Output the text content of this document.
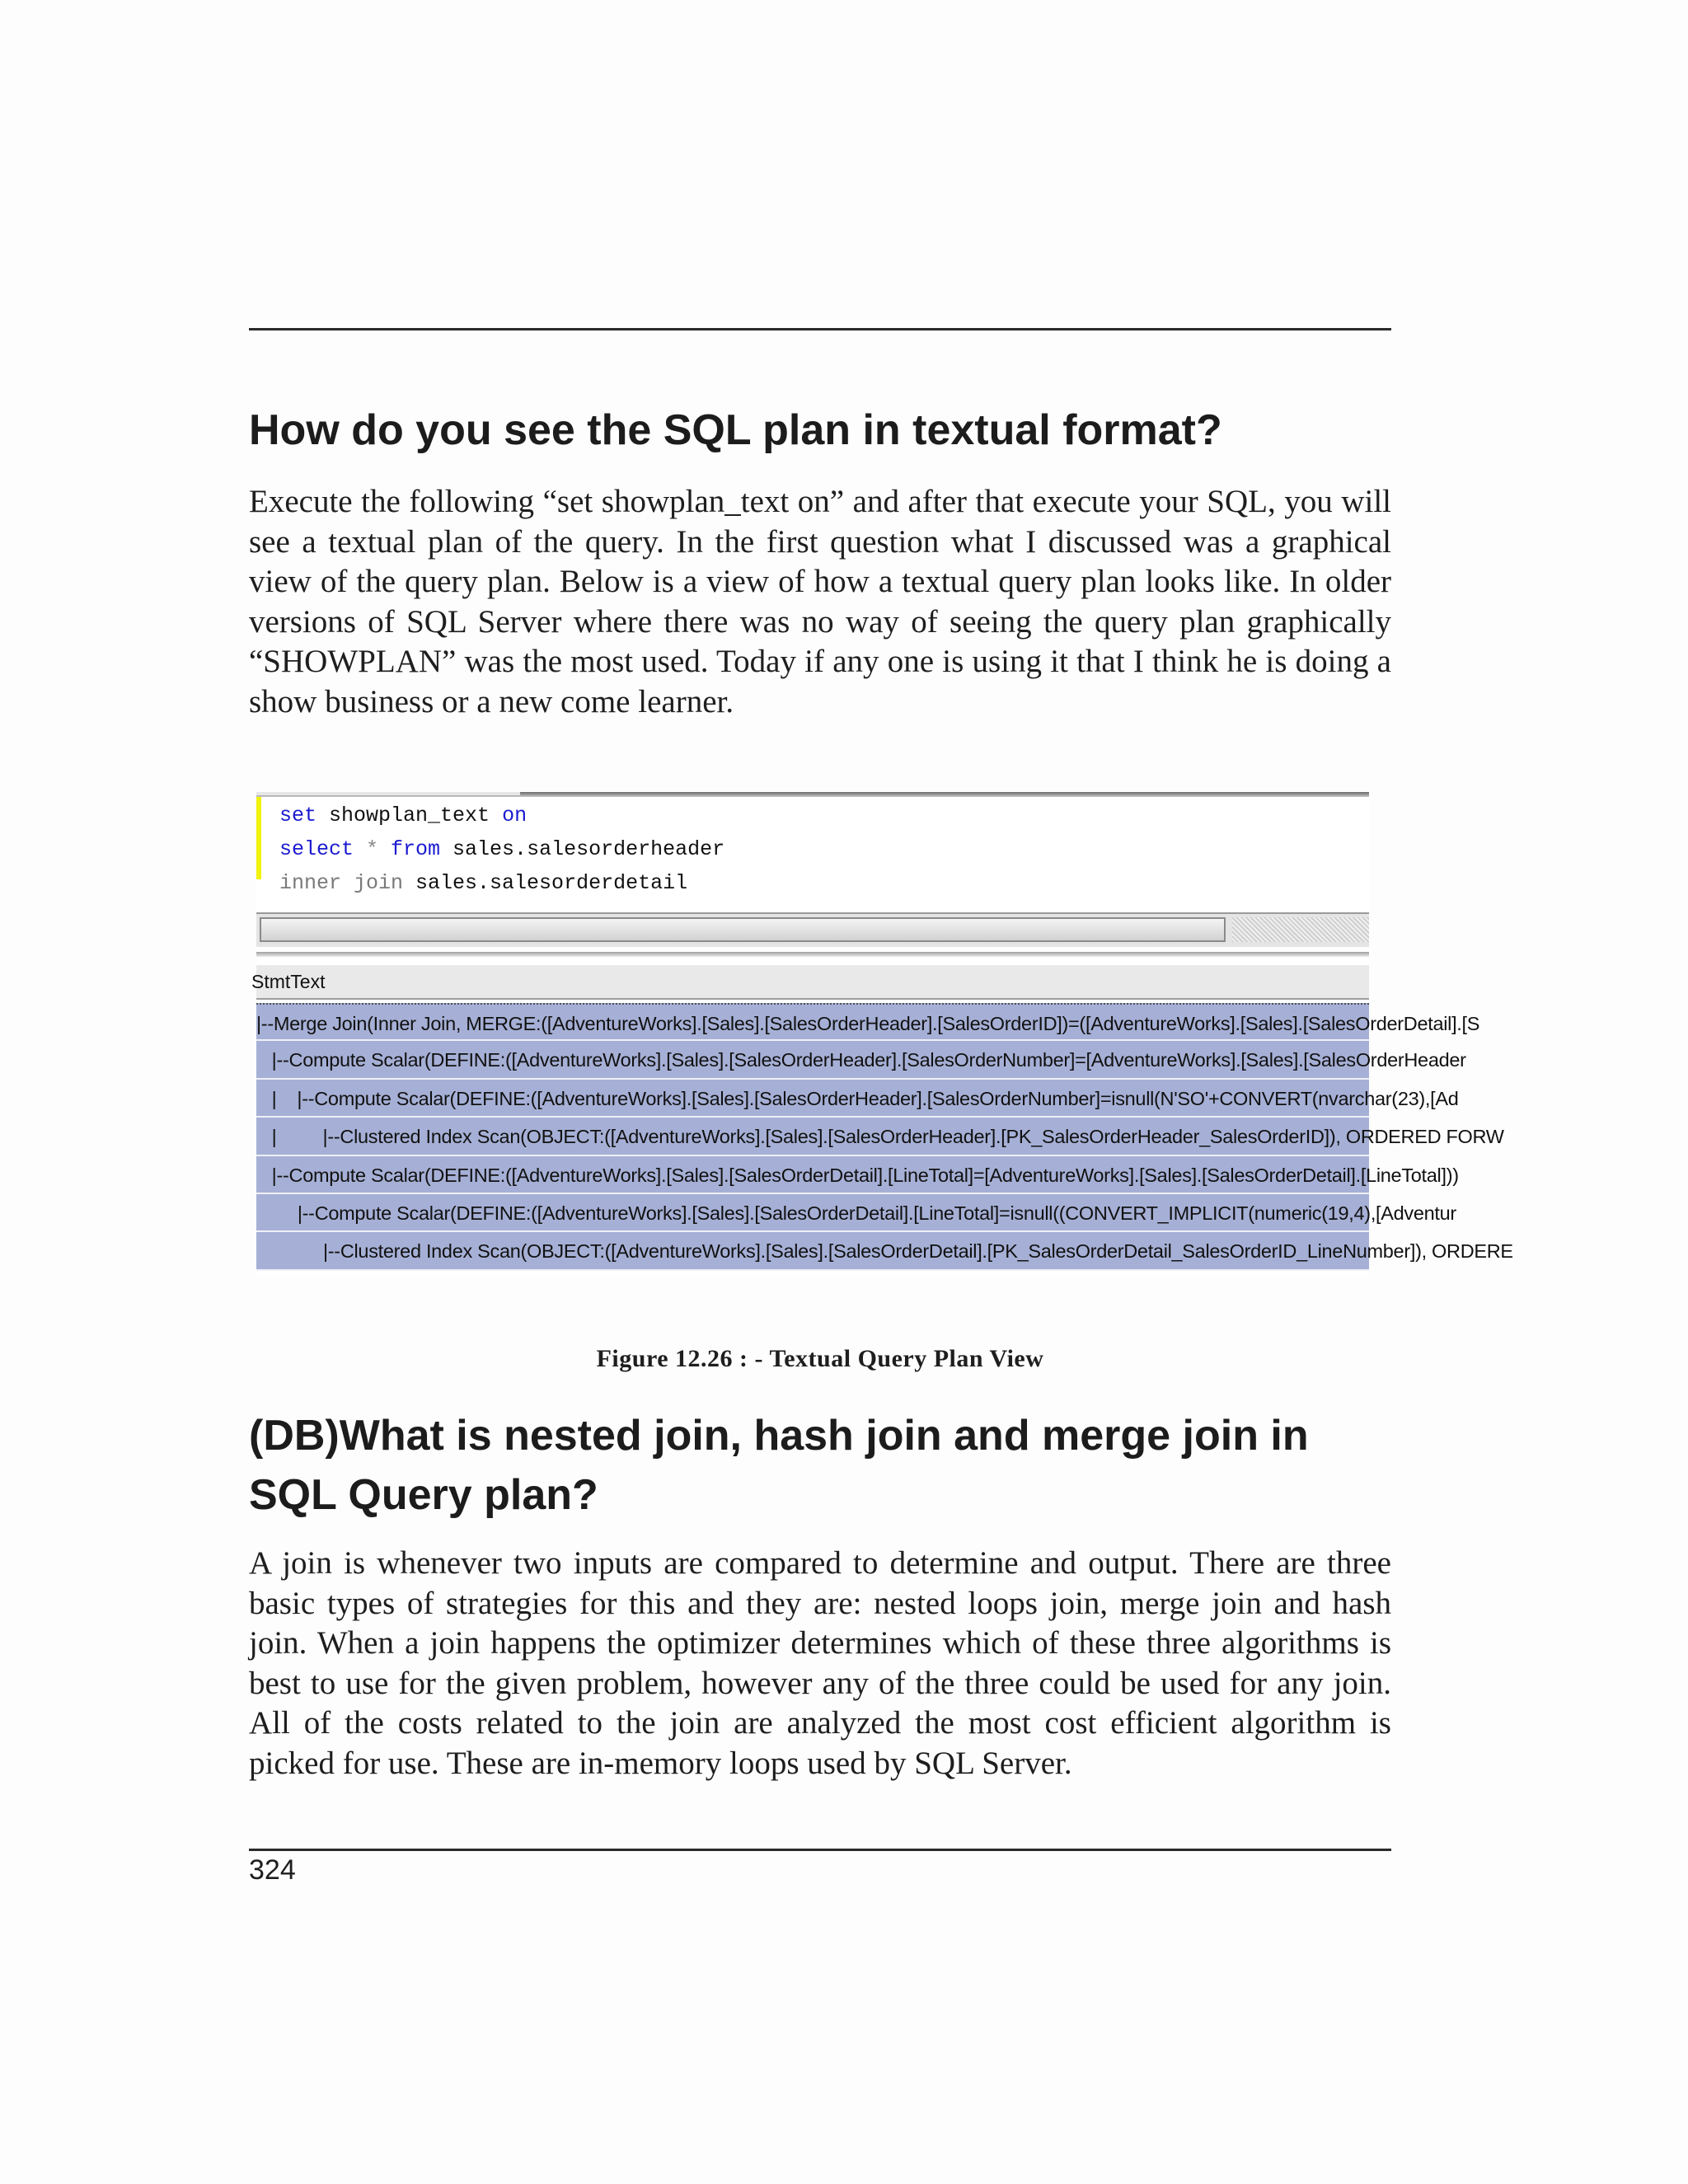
How do you see the SQL plan in textual format?

Execute the following “set showplan_text on” and after that execute your SQL, you will see a textual plan of the query. In the first question what I discussed was a graphical view of the query plan. Below is a view of how a textual query plan looks like. In older versions of SQL Server where there was no way of seeing the query plan graphically “SHOWPLAN” was the most used. Today if any one is using it that I think he is doing a show business or a new come learner.

set showplan_text on
select * from sales.salesorderheader
inner join sales.salesorderdetail
StmtText
|--Merge Join(Inner Join, MERGE:([AdventureWorks].[Sales].[SalesOrderHeader].[SalesOrderID])=([AdventureWorks].[Sales].[SalesOrderDetail].[S
|--Compute Scalar(DEFINE:([AdventureWorks].[Sales].[SalesOrderHeader].[SalesOrderNumber]=[AdventureWorks].[Sales].[SalesOrderHeader
|    |--Compute Scalar(DEFINE:([AdventureWorks].[Sales].[SalesOrderHeader].[SalesOrderNumber]=isnull(N'SO'+CONVERT(nvarchar(23),[Ad
|         |--Clustered Index Scan(OBJECT:([AdventureWorks].[Sales].[SalesOrderHeader].[PK_SalesOrderHeader_SalesOrderID]), ORDERED FORW
|--Compute Scalar(DEFINE:([AdventureWorks].[Sales].[SalesOrderDetail].[LineTotal]=[AdventureWorks].[Sales].[SalesOrderDetail].[LineTotal]))
|--Compute Scalar(DEFINE:([AdventureWorks].[Sales].[SalesOrderDetail].[LineTotal]=isnull((CONVERT_IMPLICIT(numeric(19,4),[Adventur
|--Clustered Index Scan(OBJECT:([AdventureWorks].[Sales].[SalesOrderDetail].[PK_SalesOrderDetail_SalesOrderID_LineNumber]), ORDERE
Figure 12.26 : - Textual Query Plan View
(DB)What is nested join, hash join and merge join in SQL Query plan?

A join is whenever two inputs are compared to determine and output. There are three basic types of strategies for this and they are: nested loops join, merge join and hash join. When a join happens the optimizer determines which of these three algorithms is best to use for the given problem, however any of the three could be used for any join. All of the costs related to the join are analyzed the most cost efficient algorithm is picked for use. These are in-memory loops used by SQL Server.

324
